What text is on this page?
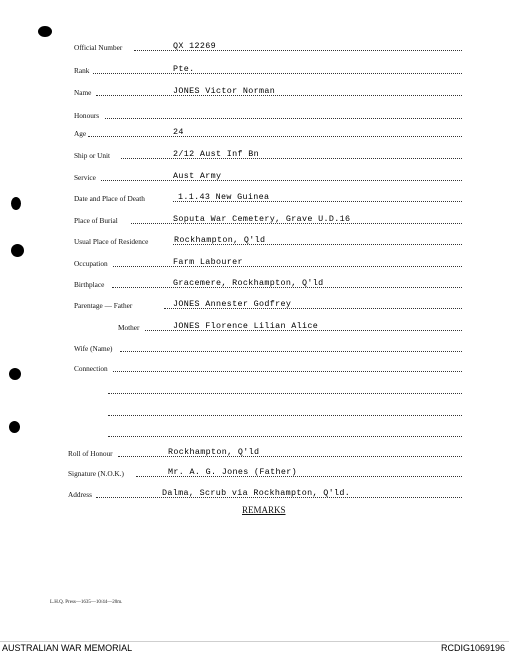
Official Number	QX 12269
Rank	Pte.
Name	JONES Victor Norman
Honours
Age	24
Ship or Unit	2/12 Aust Inf Bn
Service	Aust Army
Date and Place of Death	1.1.43 New Guinea
Place of Burial	Soputa War Cemetery, Grave U.D.16
Usual Place of Residence	Rockhampton, Q'ld
Occupation	Farm Labourer
Birthplace	Gracemere, Rockhampton, Q'ld
Parentage — Father	JONES Annester Godfrey
Mother	JONES Florence Lilian Alice
Wife (Name)
Connection
Roll of Honour	Rockhampton, Q'ld
Signature (N.O.K.)	Mr. A. G. Jones (Father)
Address	Dalma, Scrub via Rockhampton, Q'ld.
REMARKS
L.H.Q. Press—1635—10/44—20m.
AUSTRALIAN WAR MEMORIAL	RCDIG1069196
